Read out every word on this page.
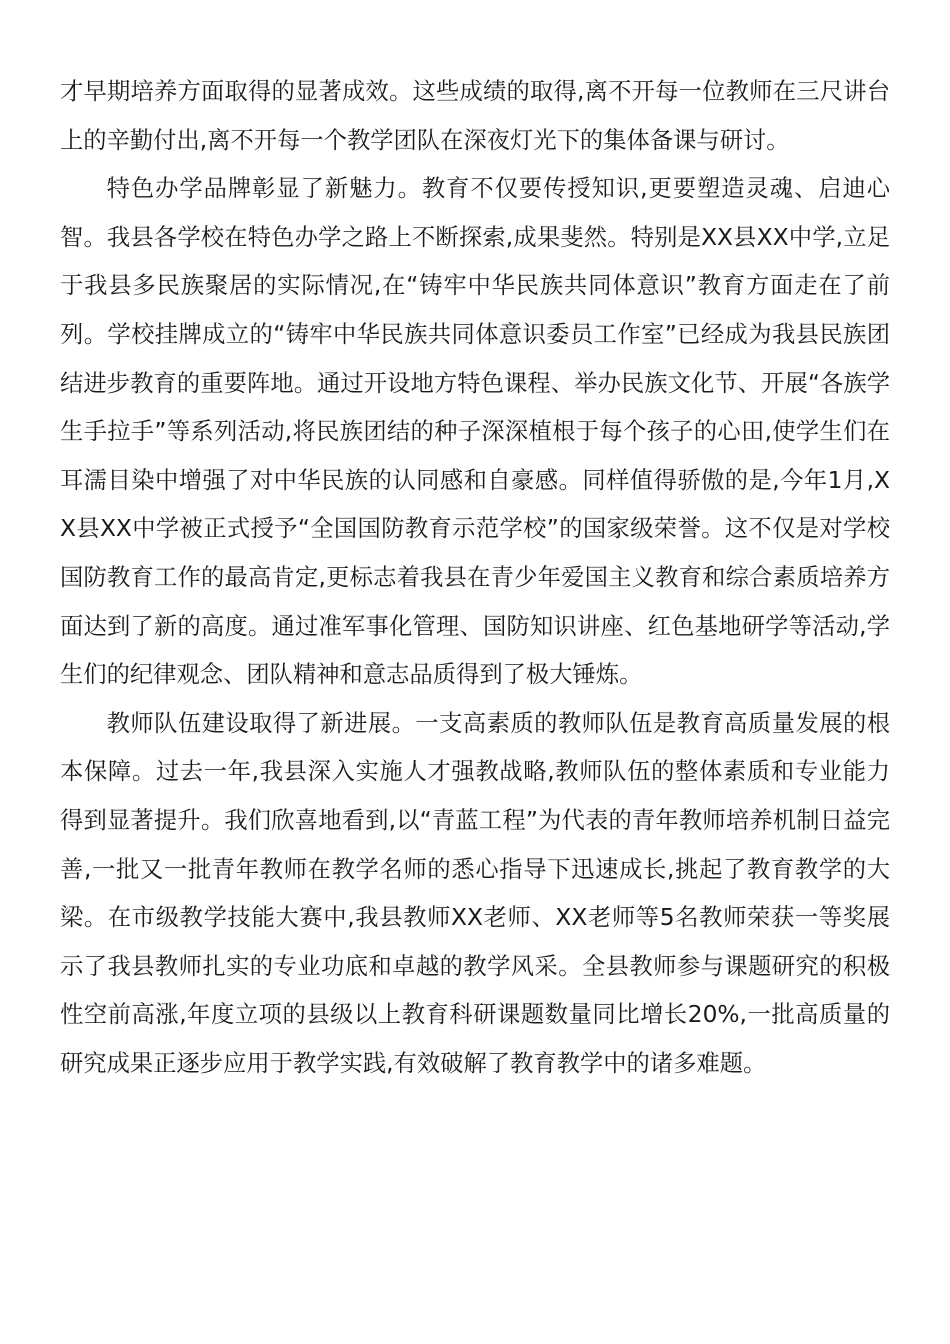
才早期培养方面取得的显著成效。这些成绩的取得,离不开每一位教师在三尺讲台上的辛勤付出,离不开每一个教学团队在深夜灯光下的集体备课与研讨。

特色办学品牌彰显了新魅力。教育不仅要传授知识,更要塑造灵魂、启迪心智。我县各学校在特色办学之路上不断探索,成果斐然。特别是XX县XX中学,立足于我县多民族聚居的实际情况,在“铸牢中华民族共同体意识”教育方面走在了前列。学校挂牌成立的“铸牢中华民族共同体意识委员工作室”已经成为我县民族团结进步教育的重要阵地。通过开设地方特色课程、举办民族文化节、开展“各族学生手拉手”等系列活动,将民族团结的种子深深植根于每个孩子的心田,使学生们在耳濡目染中增强了对中华民族的认同感和自豪感。同样值得骄傲的是,今年1月,XX县XX中学被正式授予“全国国防教育示范学校”的国家级荣誉。这不仅是对学校国防教育工作的最高肯定,更标志着我县在青少年爱国主义教育和综合素质培养方面达到了新的高度。通过准军事化管理、国防知识讲座、红色基地研学等活动,学生们的纪律观念、团队精神和意志品质得到了极大锤炼。

教师队伍建设取得了新进展。一支高素质的教师队伍是教育高质量发展的根本保障。过去一年,我县深入实施人才强教战略,教师队伍的整体素质和专业能力得到显著提升。我们欣喜地看到,以“青蓝工程”为代表的青年教师培养机制日益完善,一批又一批青年教师在教学名师的悉心指导下迅速成长,挑起了教育教学的大梁。在市级教学技能大赛中,我县教师XX老师、XX老师等5名教师荣获一等奖展示了我县教师扎实的专业功底和卓越的教学风采。全县教师参与课题研究的积极性空前高涨,年度立项的县级以上教育科研课题数量同比增长20%,一批高质量的研究成果正逐步应用于教学实践,有效破解了教育教学中的诸多难题。
